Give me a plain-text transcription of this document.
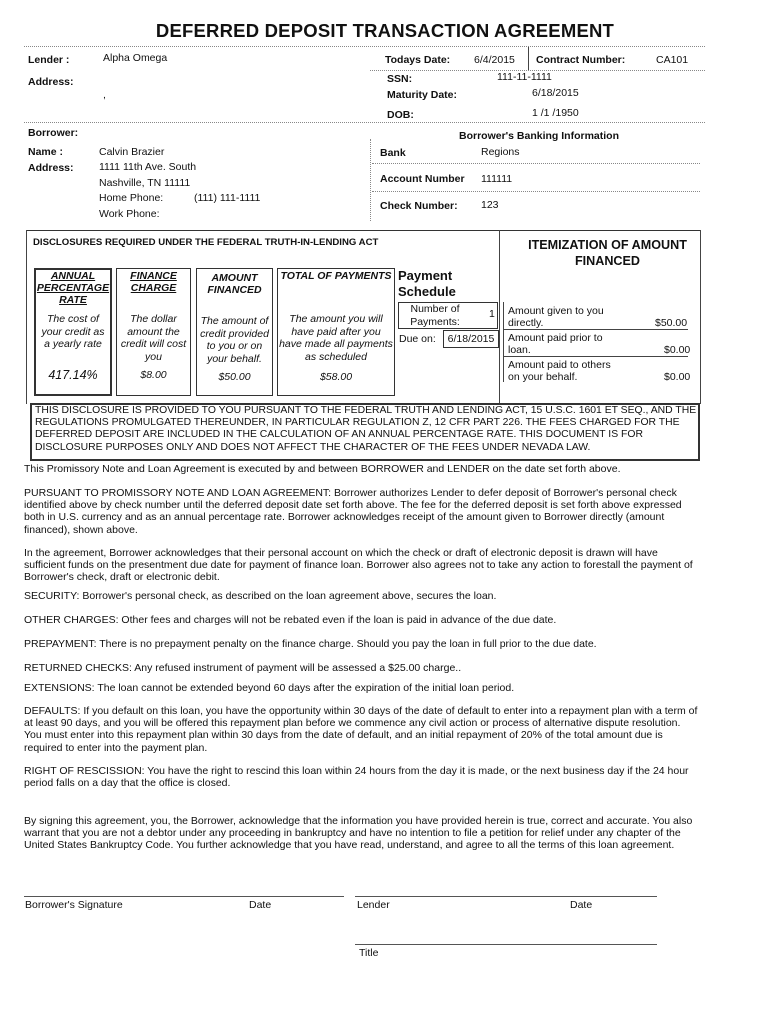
DEFERRED DEPOSIT TRANSACTION AGREEMENT
Lender :	Alpha Omega
Address:
,
Todays Date: 6/4/2015 Contract Number:	CA101
SSN:	111-11-1111
Maturity Date:	6/18/2015
DOB:	1 /1 /1950
Borrower:
Name :	Calvin Brazier
Address: 1111 11th Ave. South
Nashville, TN 11111
Home Phone:	(111) 111-1111
Work Phone:
Borrower's Banking Information
Bank	Regions
Account Number 111111
Check Number: 123
DISCLOSURES REQUIRED UNDER THE FEDERAL TRUTH-IN-LENDING ACT
ANNUAL
PERCENTAGE
RATE
The cost of your credit as a yearly rate
417.14%
FINANCE
CHARGE
The dollar amount the credit will cost you
$8.00
AMOUNT
FINANCED
The amount of credit provided to you or on your behalf.
$50.00
TOTAL OF PAYMENTS
The amount you will have paid after you have made all payments as scheduled
$58.00
Payment
Schedule
Number of Payments:
1
Due on:	6/18/2015
ITEMIZATION OF AMOUNT FINANCED
Amount given to you directly.	$50.00
Amount paid prior to loan.	$0.00
Amount paid to others on your behalf.	$0.00
THIS DISCLOSURE IS PROVIDED TO YOU PURSUANT TO THE FEDERAL TRUTH AND LENDING ACT, 15 U.S.C. 1601 ET SEQ., AND THE REGULATIONS PROMULGATED THEREUNDER, IN PARTICULAR REGULATION Z, 12 CFR PART 226. THE FEES CHARGED FOR THE DEFERRED DEPOSIT ARE INCLUDED IN THE CALCULATION OF AN ANNUAL PERCENTAGE RATE. THIS DOCUMENT IS FOR DISCLOSURE PURPOSES ONLY AND DOES NOT AFFECT THE CHARACTER OF THE FEES UNDER NEVADA LAW.
This Promissory Note and Loan Agreement is executed by and between BORROWER and LENDER on the date set forth above.
PURSUANT TO PROMISSORY NOTE AND LOAN AGREEMENT: Borrower authorizes Lender to defer deposit of Borrower's personal check identified above by check number until the deferred deposit date set forth above. The fee for the deferred deposit is set forth above expressed both in U.S. currency and as an annual percentage rate. Borrower acknowledges receipt of the amount given to Borrower directly (amount financed), shown above.
In the agreement, Borrower acknowledges that their personal account on which the check or draft of electronic deposit is drawn will have sufficient funds on the presentment due date for payment of finance loan. Borrower also agrees not to take any action to forestall the payment of Borrower's check, draft or electronic debit.
SECURITY: Borrower's personal check, as described on the loan agreement above, secures the loan.
OTHER CHARGES: Other fees and charges will not be rebated even if the loan is paid in advance of the due date.
PREPAYMENT: There is no prepayment penalty on the finance charge. Should you pay the loan in full prior to the due date.
RETURNED CHECKS: Any refused instrument of payment will be assessed a $25.00 charge..
EXTENSIONS: The loan cannot be extended beyond 60 days after the expiration of the initial loan period.
DEFAULTS: If you default on this loan, you have the opportunity within 30 days of the date of default to enter into a repayment plan with a term of at least 90 days, and you will be offered this repayment plan before we commence any civil action or process of alternative dispute resolution. You must enter into this repayment plan within 30 days from the date of default, and an initial repayment of 20% of the total amount due is required to enter into the payment plan.
RIGHT OF RESCISSION: You have the right to rescind this loan within 24 hours from the day it is made, or the next business day if the 24 hour period falls on a day that the office is closed.
By signing this agreement, you, the Borrower, acknowledge that the information you have provided herein is true, correct and accurate. You also warrant that you are not a debtor under any proceeding in bankruptcy and have no intention to file a petition for relief under any chapter of the United States Bankruptcy Code. You further acknowledge that you have read, understand, and agree to all the terms of this loan agreement.
Borrower's Signature	Date	Lender	Date
Title
